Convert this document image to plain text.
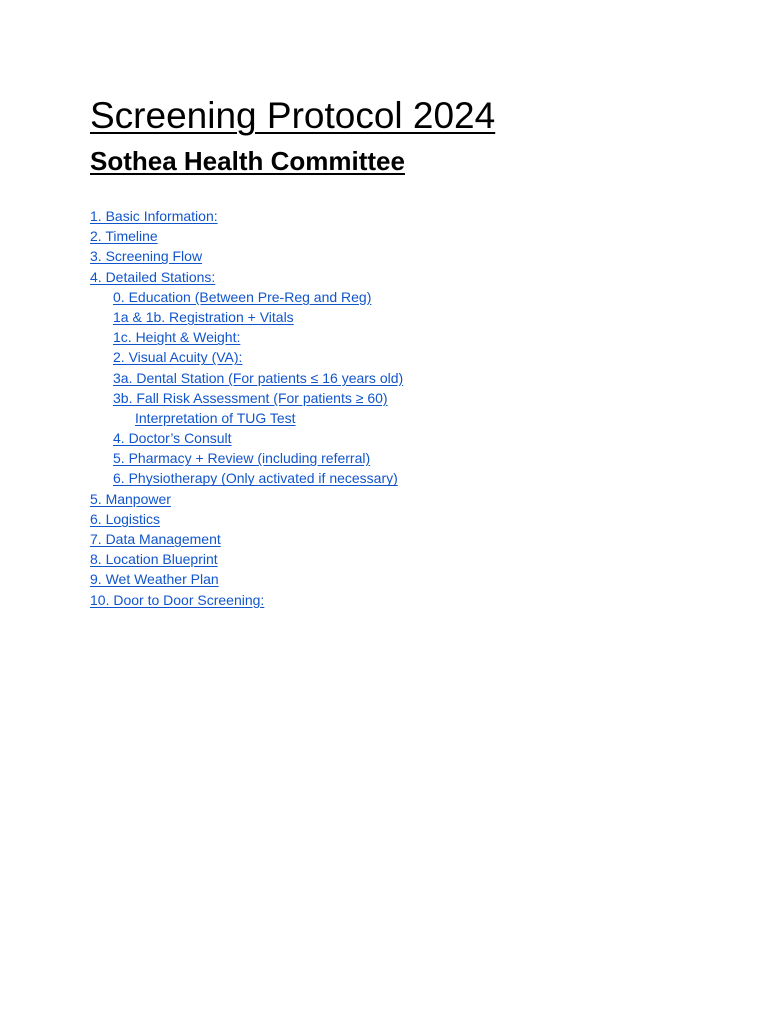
Screening Protocol 2024
Sothea Health Committee
1. Basic Information:
2. Timeline
3. Screening Flow
4. Detailed Stations:
0. Education (Between Pre-Reg and Reg)
1a & 1b. Registration + Vitals
1c. Height & Weight:
2. Visual Acuity (VA):
3a. Dental Station (For patients ≤ 16 years old)
3b. Fall Risk Assessment (For patients ≥ 60)
Interpretation of TUG Test
4. Doctor’s Consult
5. Pharmacy + Review (including referral)
6. Physiotherapy (Only activated if necessary)
5. Manpower
6. Logistics
7. Data Management
8. Location Blueprint
9. Wet Weather Plan
10. Door to Door Screening:
